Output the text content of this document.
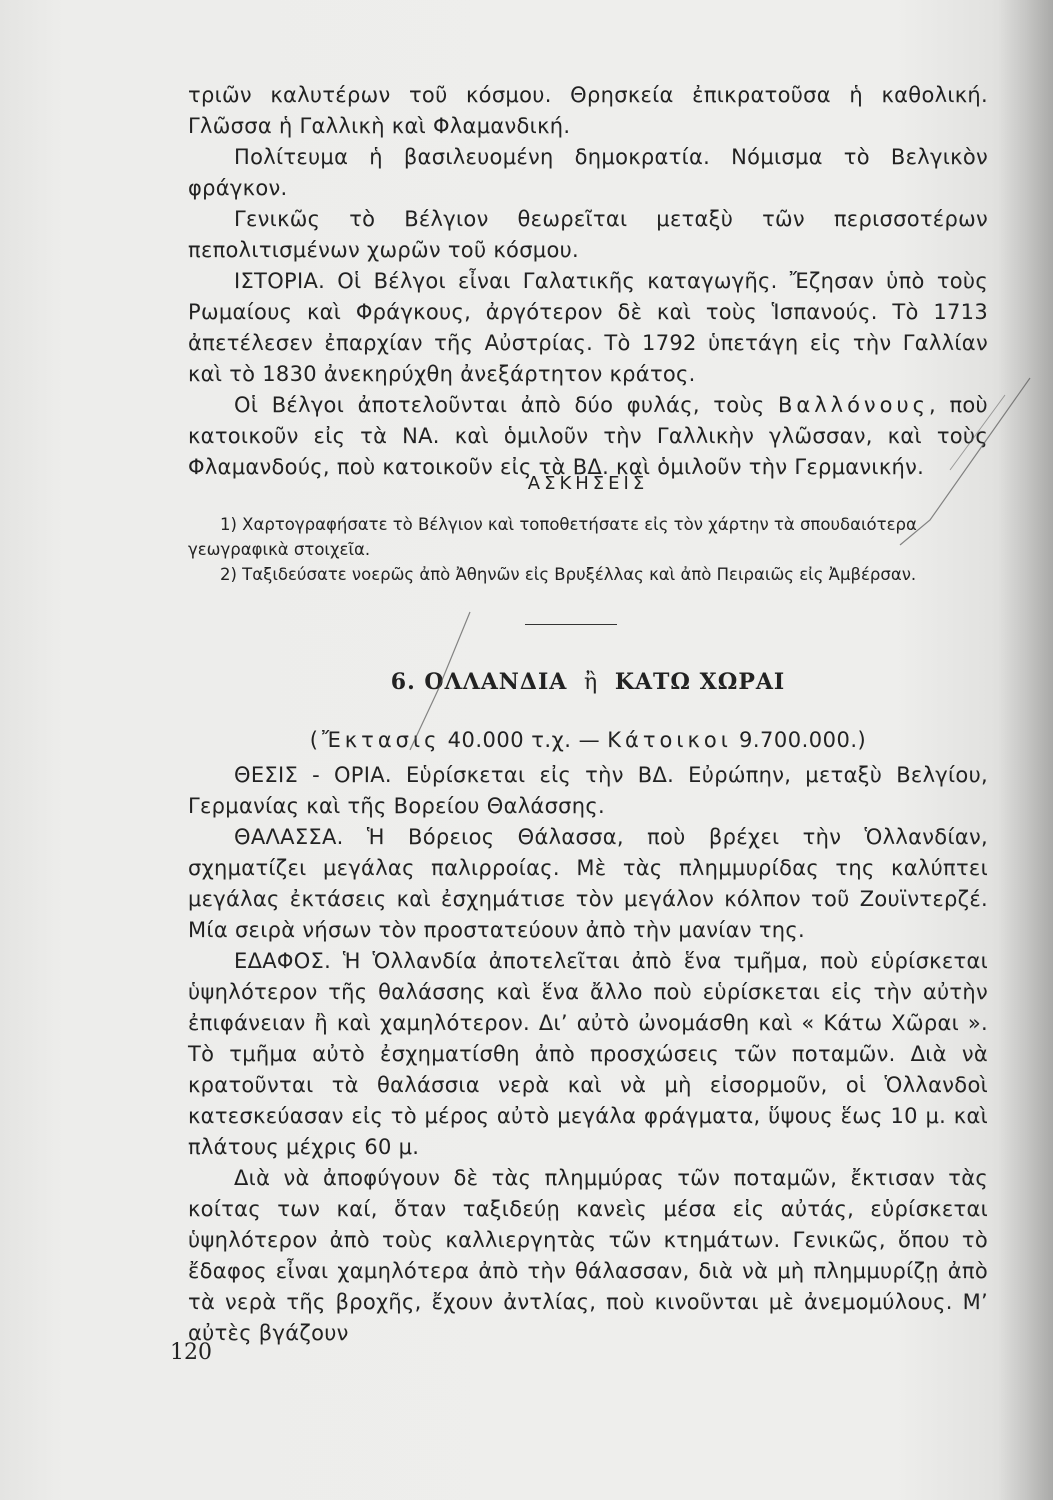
τριῶν καλυτέρων τοῦ κόσμου. Θρησκεία ἐπικρατοῦσα ἡ καθολική. Γλῶσσα ἡ Γαλλικὴ καὶ Φλαμανδική.

Πολίτευμα ἡ βασιλευομένη δημοκρατία. Νόμισμα τὸ Βελγικὸν φράγκον.

Γενικῶς τὸ Βέλγιον θεωρεῖται μεταξὺ τῶν περισσοτέρων πεπολιτισμένων χωρῶν τοῦ κόσμου.

ΙΣΤΟΡΙΑ. Οἱ Βέλγοι εἶναι Γαλατικῆς καταγωγῆς. Ἔζησαν ὑπὸ τοὺς Ρωμαίους καὶ Φράγκους, ἀργότερον δὲ καὶ τοὺς Ἱσπανούς. Τὸ 1713 ἀπετέλεσεν ἐπαρχίαν τῆς Αὐστρίας. Τὸ 1792 ὑπετάγη εἰς τὴν Γαλλίαν καὶ τὸ 1830 ἀνεκηρύχθη ἀνεξάρτητον κράτος.

Οἱ Βέλγοι ἀποτελοῦνται ἀπὸ δύο φυλάς, τοὺς Βαλλόνους, ποὺ κατοικοῦν εἰς τὰ ΝΑ. καὶ ὁμιλοῦν τὴν Γαλλικὴν γλῶσσαν, καὶ τοὺς Φλαμανδούς, ποὺ κατοικοῦν εἰς τὰ ΒΔ. καὶ ὁμιλοῦν τὴν Γερμανικήν.

ΑΣΚΗΣΕΙΣ

1) Χαρτογραφήσατε τὸ Βέλγιον καὶ τοποθετήσατε εἰς τὸν χάρτην τὰ σπουδαιότερα γεωγραφικὰ στοιχεῖα.

2) Ταξιδεύσατε νοερῶς ἀπὸ Ἀθηνῶν εἰς Βρυξέλλας καὶ ἀπὸ Πειραιῶς εἰς Ἀμβέρσαν.

6. ΟΛΛΑΝΔΙΑ ἢ ΚΑΤΩ ΧΩΡΑΙ
(Ἔκτασις 40.000 τ.χ. — Κάτοικοι 9.700.000.)

ΘΕΣΙΣ - ΟΡΙΑ. Εὑρίσκεται εἰς τὴν ΒΔ. Εὐρώπην, μεταξὺ Βελγίου, Γερμανίας καὶ τῆς Βορείου Θαλάσσης.

ΘΑΛΑΣΣΑ. Ἡ Βόρειος Θάλασσα, ποὺ βρέχει τὴν Ὁλλανδίαν, σχηματίζει μεγάλας παλιρροίας. Μὲ τὰς πλημμυρίδας της καλύπτει μεγάλας ἐκτάσεις καὶ ἐσχημάτισε τὸν μεγάλον κόλπον τοῦ Ζουϊντερζέ. Μία σειρὰ νήσων τὸν προστατεύουν ἀπὸ τὴν μανίαν της.

ΕΔΑΦΟΣ. Ἡ Ὁλλανδία ἀποτελεῖται ἀπὸ ἕνα τμῆμα, ποὺ εὑρίσκεται ὑψηλότερον τῆς θαλάσσης καὶ ἕνα ἄλλο ποὺ εὑρίσκεται εἰς τὴν αὐτὴν ἐπιφάνειαν ἢ καὶ χαμηλότερον. Δι’ αὐτὸ ὠνομάσθη καὶ « Κάτω Χῶραι ». Τὸ τμῆμα αὐτὸ ἐσχηματίσθη ἀπὸ προσχώσεις τῶν ποταμῶν. Διὰ νὰ κρατοῦνται τὰ θαλάσσια νερὰ καὶ νὰ μὴ εἰσορμοῦν, οἱ Ὁλλανδοὶ κατεσκεύασαν εἰς τὸ μέρος αὐτὸ μεγάλα φράγματα, ὕψους ἕως 10 μ. καὶ πλάτους μέχρις 60 μ.

Διὰ νὰ ἀποφύγουν δὲ τὰς πλημμύρας τῶν ποταμῶν, ἔκτισαν τὰς κοίτας των καί, ὅταν ταξιδεύῃ κανεὶς μέσα εἰς αὐτάς, εὑρίσκεται ὑψηλότερον ἀπὸ τοὺς καλλιεργητὰς τῶν κτημάτων. Γενικῶς, ὅπου τὸ ἔδαφος εἶναι χαμηλότερα ἀπὸ τὴν θάλασσαν, διὰ νὰ μὴ πλημμυρίζῃ ἀπὸ τὰ νερὰ τῆς βροχῆς, ἔχουν ἀντλίας, ποὺ κινοῦνται μὲ ἀνεμομύλους. Μ’ αὐτὲς βγάζουν

120
